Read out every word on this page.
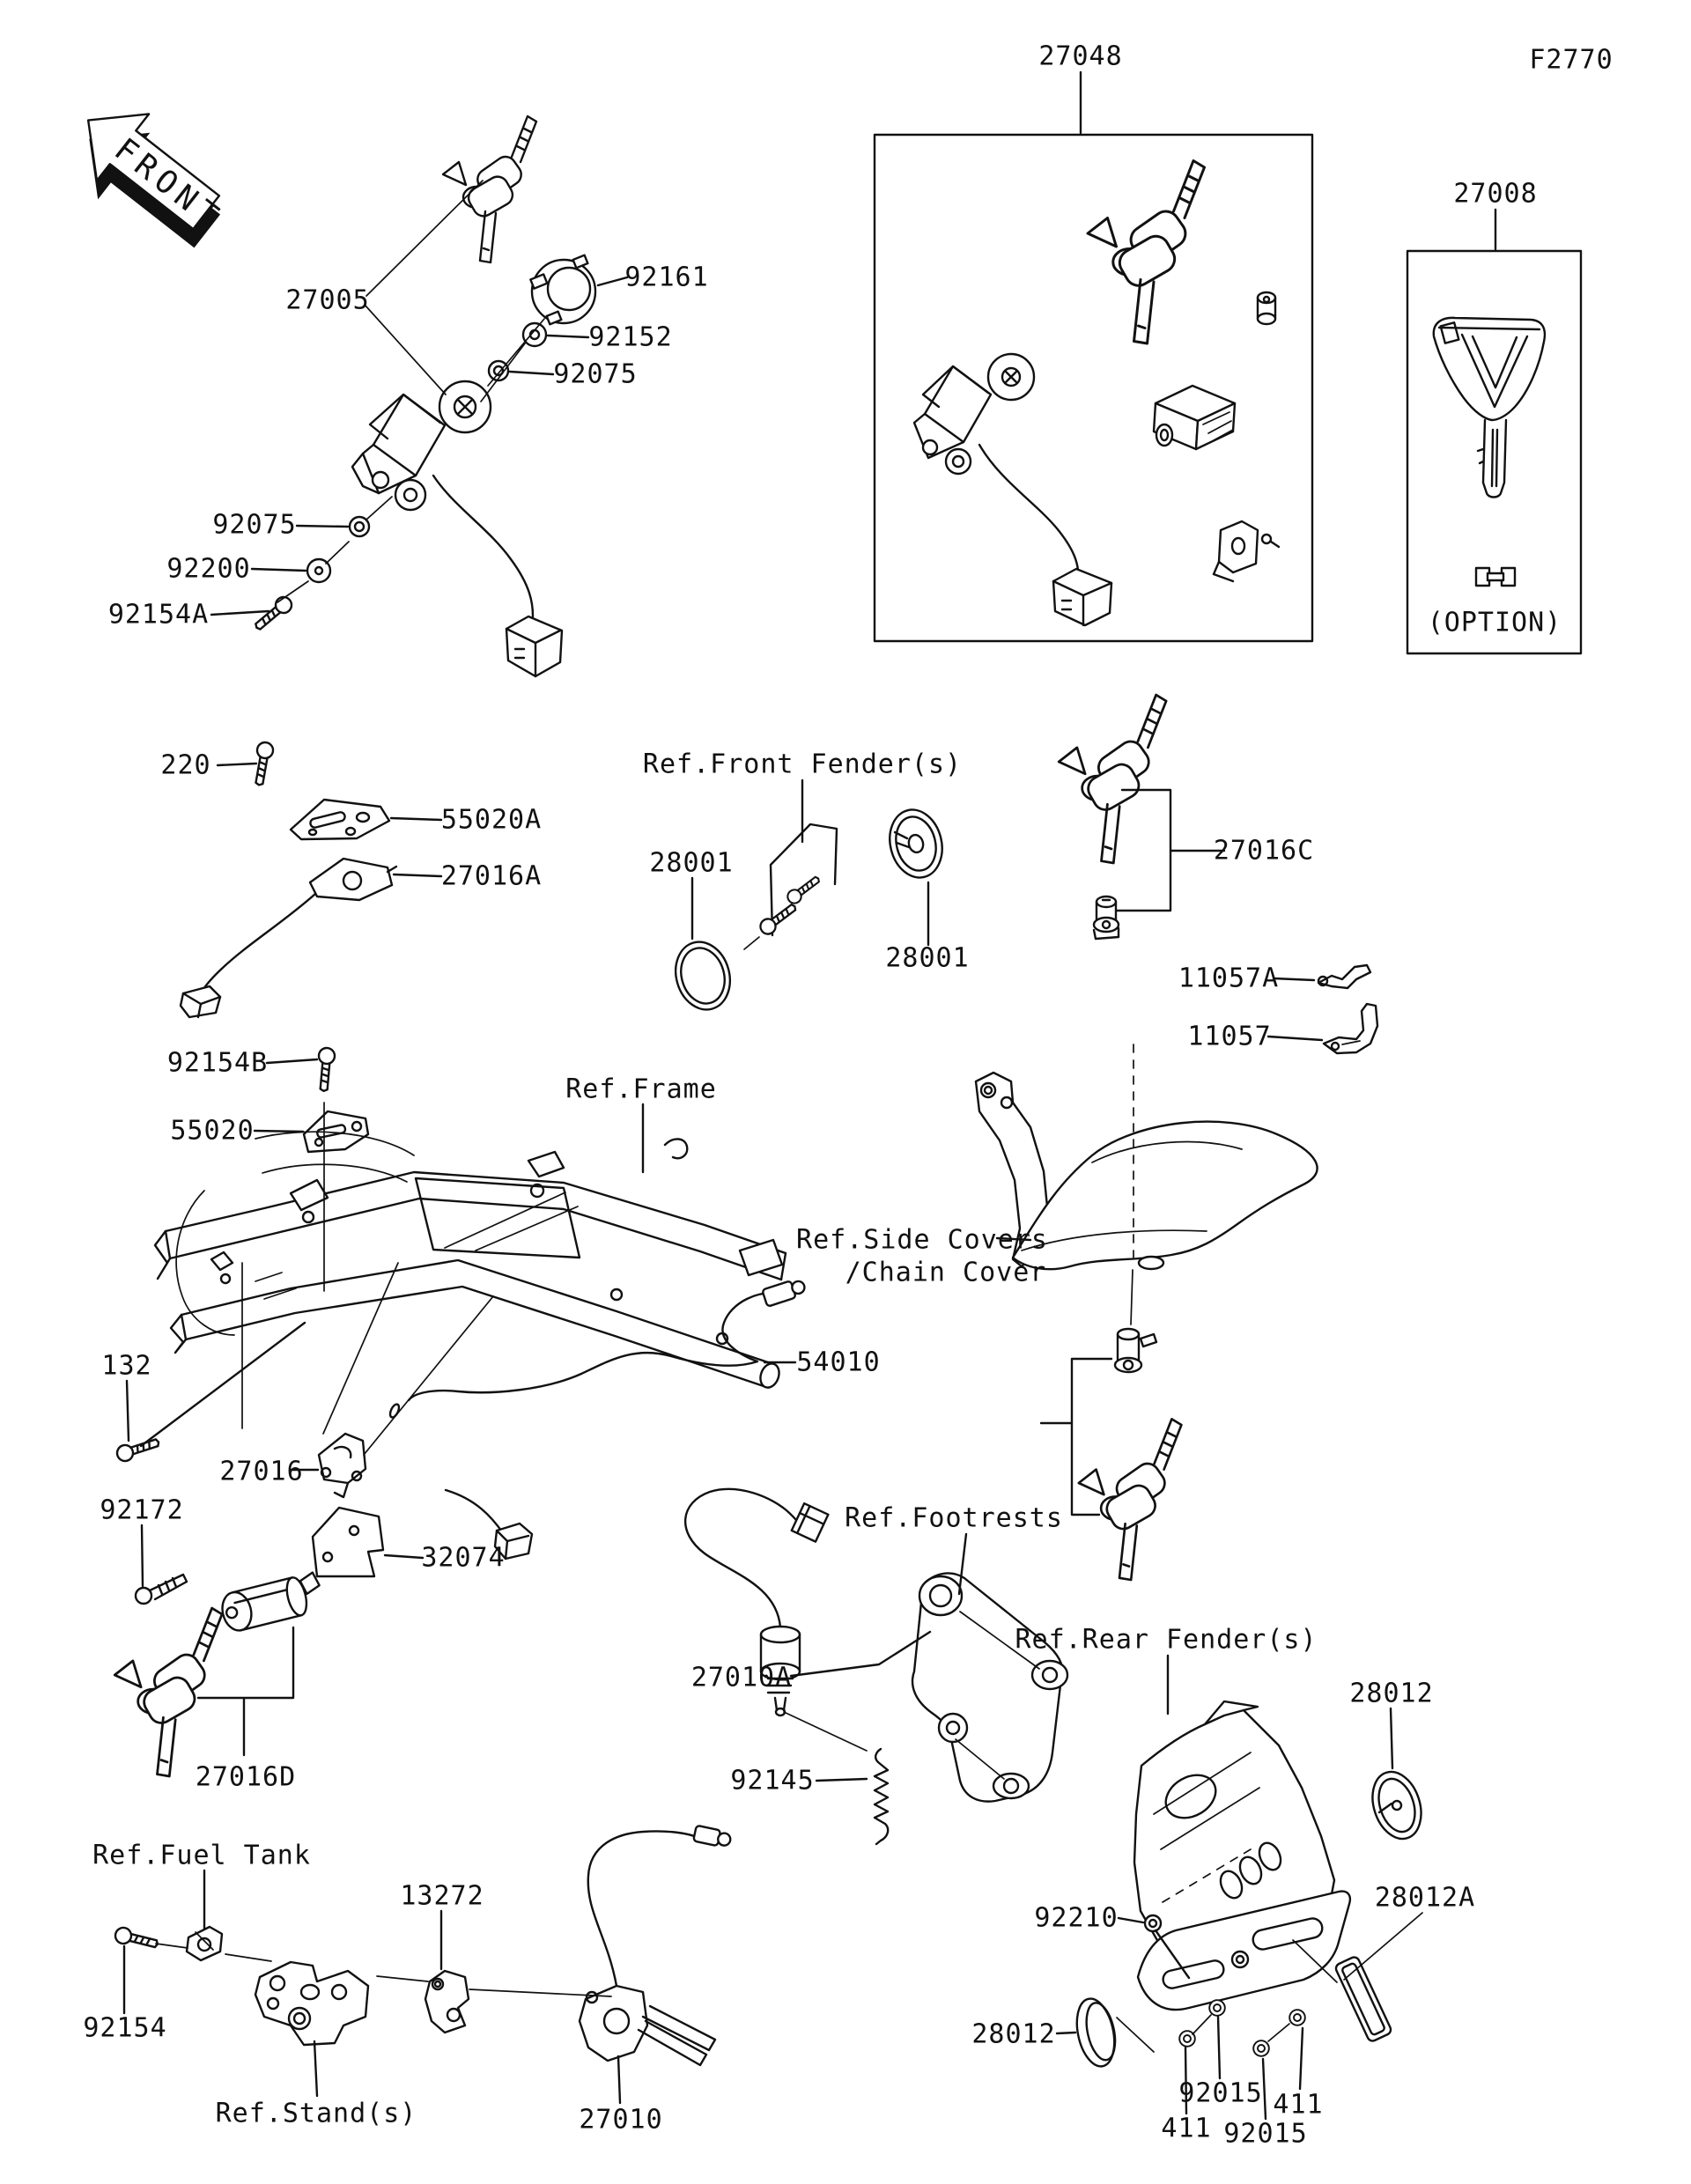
FRONT
27005
92161
92152
92075
92075
92200
92154A
27048	F2770
27008
(OPTION)
220
55020A
27016A
Ref.Front Fender(s)
28001
28001
27016C
11057A
11057
92154B
55020
Ref.Frame
Ref.Side Covers
/Chain Cover
132	54010
27016
92172
32074
Ref.Footrests
27010A
27016D	92145
Ref.Rear Fender(s)
28012
92210
28012A
Ref.Fuel Tank
13272
92154	28012
Ref.Stand(s)	27010
92015
411 92015
411
